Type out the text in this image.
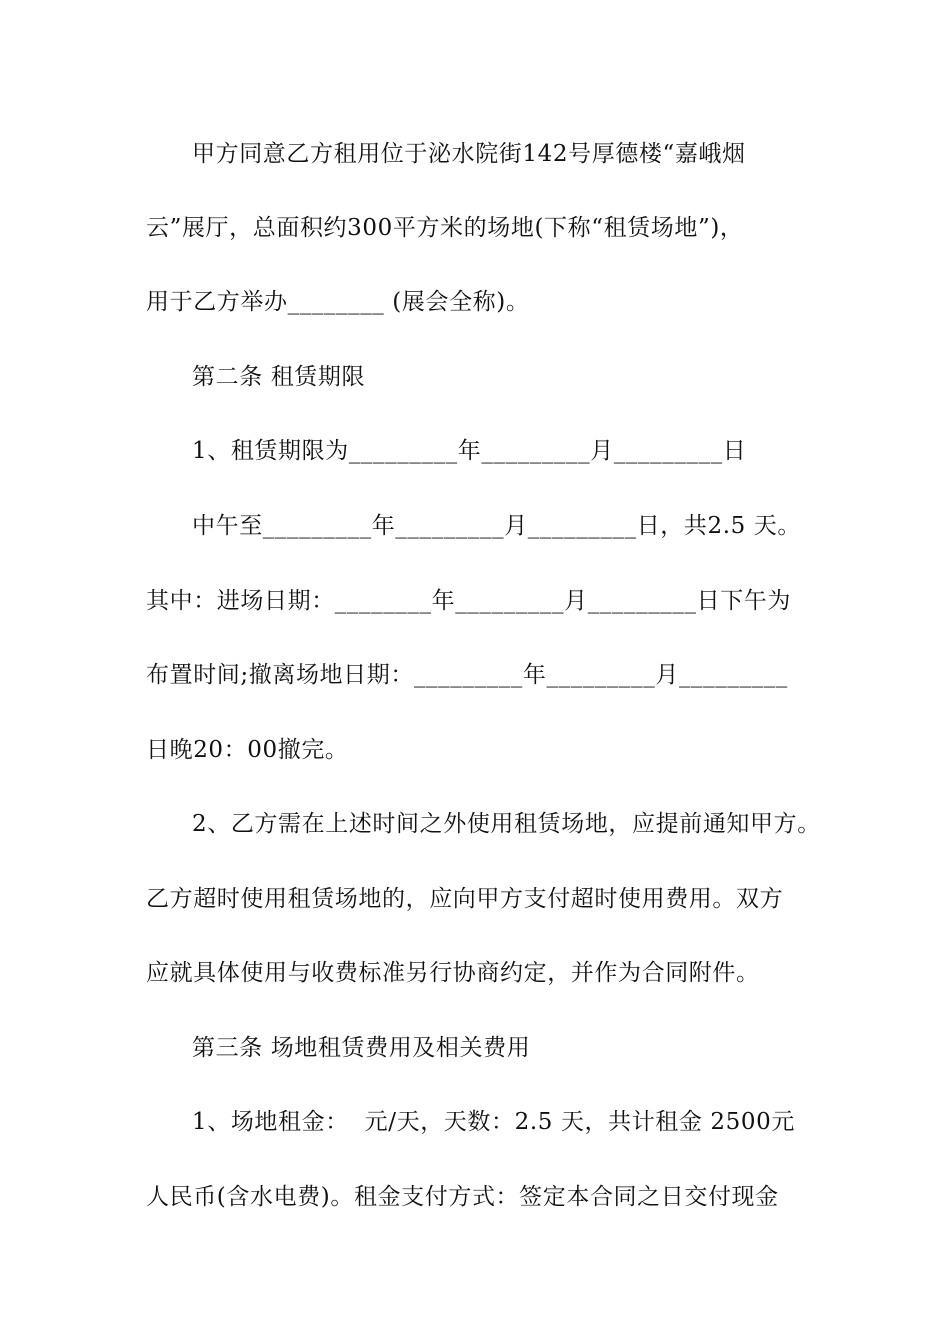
甲方同意乙方租用位于泌水院街142号厚德楼“嘉峨烟
云”展厅，总面积约300平方米的场地(下称“租赁场地”)，
用于乙方举办________ (展会全称)。
第二条 租赁期限
1、租赁期限为_________年_________月_________日
中午至_________年_________月_________日，共2.5 天。
其中：进场日期：________年_________月_________日下午为
布置时间;撤离场地日期：_________年_________月_________
日晚20：00撤完。
2、乙方需在上述时间之外使用租赁场地，应提前通知甲方。
乙方超时使用租赁场地的，应向甲方支付超时使用费用。双方
应就具体使用与收费标准另行协商约定，并作为合同附件。
第三条 场地租赁费用及相关费用
1、场地租金：  元/天，天数：2.5 天，共计租金 2500元
人民币(含水电费)。租金支付方式：签定本合同之日交付现金
